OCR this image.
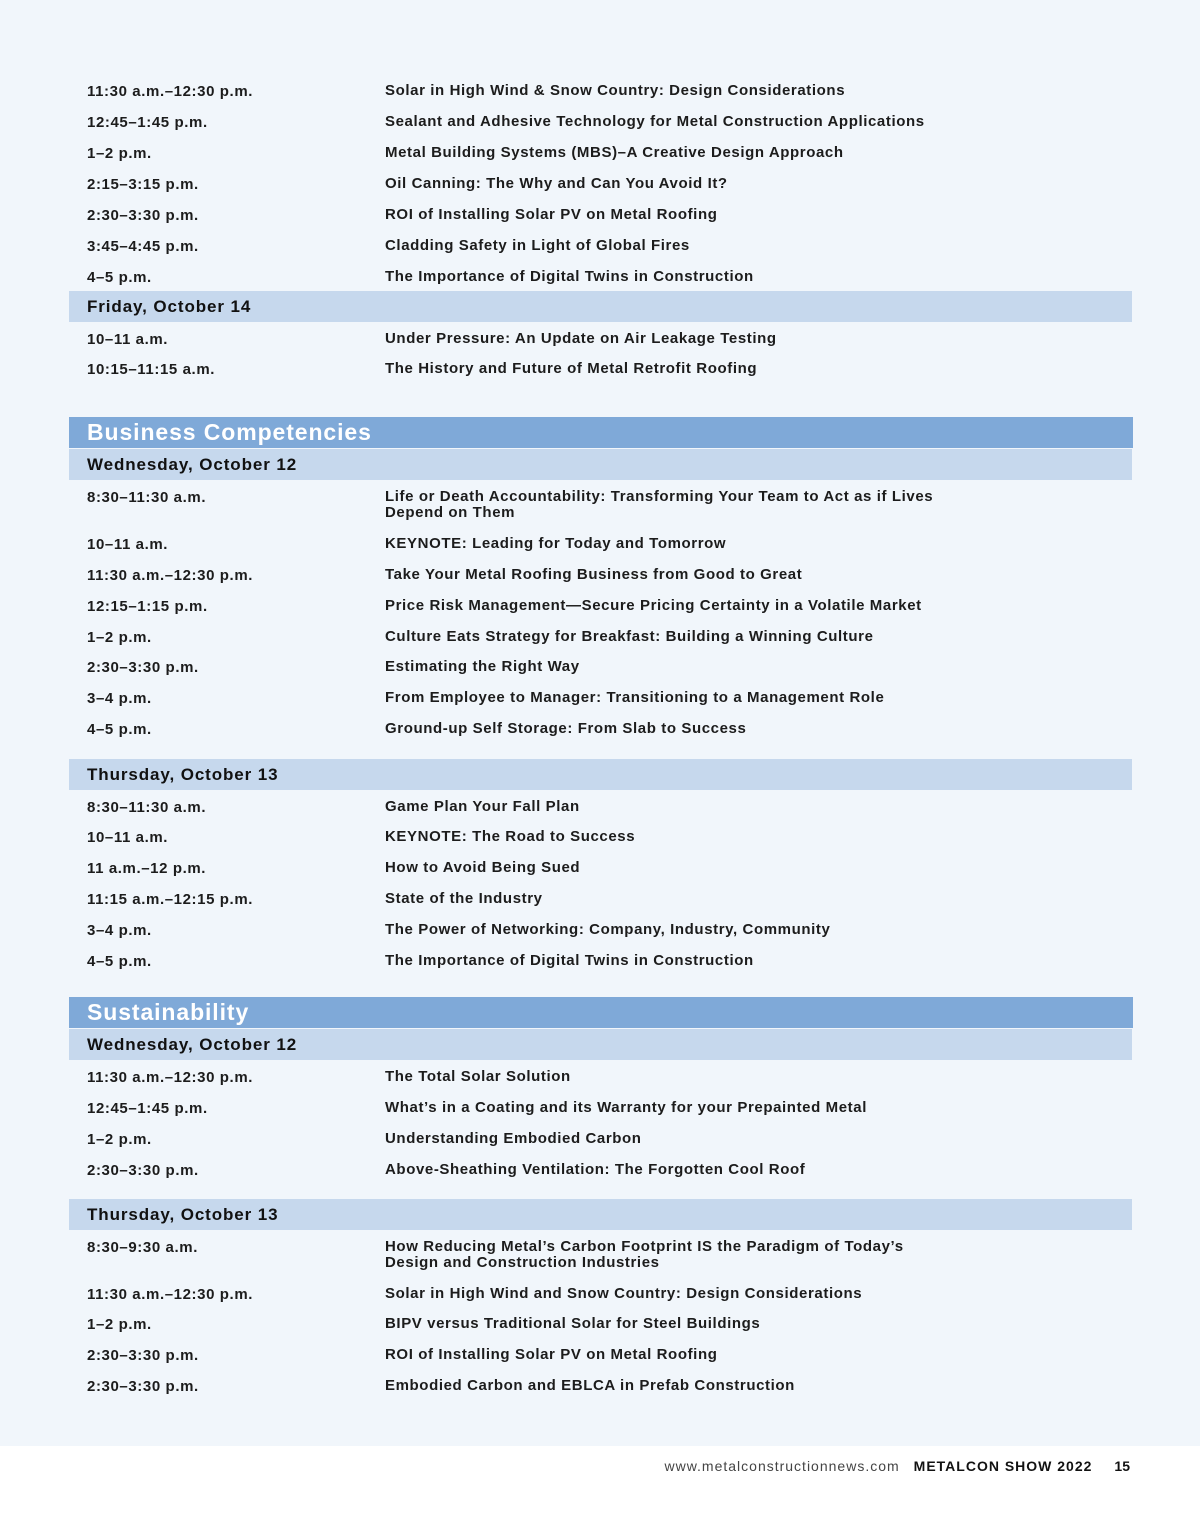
11:30 a.m.–12:30 p.m.	Solar in High Wind & Snow Country: Design Considerations
12:45–1:45 p.m.	Sealant and Adhesive Technology for Metal Construction Applications
1–2 p.m.	Metal Building Systems (MBS)–A Creative Design Approach
2:15–3:15 p.m.	Oil Canning: The Why and Can You Avoid It?
2:30–3:30 p.m.	ROI of Installing Solar PV on Metal Roofing
3:45–4:45 p.m.	Cladding Safety in Light of Global Fires
4–5 p.m.	The Importance of Digital Twins in Construction
Friday, October 14
10–11 a.m.	Under Pressure: An Update on Air Leakage Testing
10:15–11:15 a.m.	The History and Future of Metal Retrofit Roofing
Business Competencies
Wednesday, October 12
8:30–11:30 a.m.	Life or Death Accountability: Transforming Your Team to Act as if Lives Depend on Them
10–11 a.m.	KEYNOTE: Leading for Today and Tomorrow
11:30 a.m.–12:30 p.m.	Take Your Metal Roofing Business from Good to Great
12:15–1:15 p.m.	Price Risk Management—Secure Pricing Certainty in a Volatile Market
1–2 p.m.	Culture Eats Strategy for Breakfast: Building a Winning Culture
2:30–3:30 p.m.	Estimating the Right Way
3–4 p.m.	From Employee to Manager: Transitioning to a Management Role
4–5 p.m.	Ground-up Self Storage: From Slab to Success
Thursday, October 13
8:30–11:30 a.m.	Game Plan Your Fall Plan
10–11 a.m.	KEYNOTE: The Road to Success
11 a.m.–12 p.m.	How to Avoid Being Sued
11:15 a.m.–12:15 p.m.	State of the Industry
3–4 p.m.	The Power of Networking: Company, Industry, Community
4–5 p.m.	The Importance of Digital Twins in Construction
Sustainability
Wednesday, October 12
11:30 a.m.–12:30 p.m.	The Total Solar Solution
12:45–1:45 p.m.	What’s in a Coating and its Warranty for your Prepainted Metal
1–2 p.m.	Understanding Embodied Carbon
2:30–3:30 p.m.	Above-Sheathing Ventilation: The Forgotten Cool Roof
Thursday, October 13
8:30–9:30 a.m.	How Reducing Metal’s Carbon Footprint IS the Paradigm of Today’s Design and Construction Industries
11:30 a.m.–12:30 p.m.	Solar in High Wind and Snow Country: Design Considerations
1–2 p.m.	BIPV versus Traditional Solar for Steel Buildings
2:30–3:30 p.m.	ROI of Installing Solar PV on Metal Roofing
2:30–3:30 p.m.	Embodied Carbon and EBLCA in Prefab Construction
www.metalconstructionnews.com METALCON SHOW 2022 15
